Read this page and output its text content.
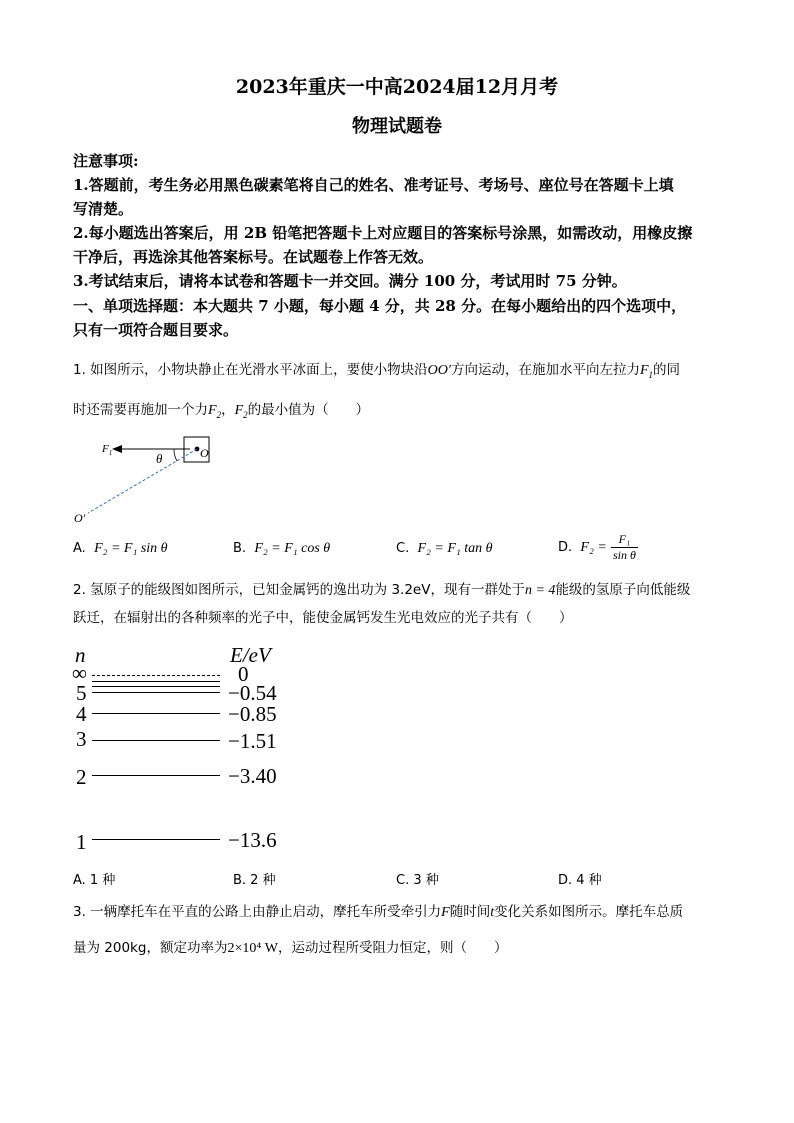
2023年重庆一中高2024届12月月考
物理试题卷
注意事项:
1.答题前，考生务必用黑色碳素笔将自己的姓名、准考证号、考场号、座位号在答题卡上填
写清楚。
2.每小题选出答案后，用 2B 铅笔把答题卡上对应题目的答案标号涂黑，如需改动，用橡皮擦
干净后，再选涂其他答案标号。在试题卷上作答无效。
3.考试结束后，请将本试卷和答题卡一并交回。满分 100 分，考试用时 75 分钟。
一、单项选择题：本大题共 7 小题，每小题 4 分，共 28 分。在每小题给出的四个选项中，
只有一项符合题目要求。
1. 如图所示，小物块静止在光滑水平冰面上，要使小物块沿OO′方向运动，在施加水平向左拉力$F_1$的同
时还需要再施加一个力$F_2$，$F_2$的最小值为（　　）
$F_1$	θ	O
O′
A. F₂ = F₁ sin θ	B. F₂ = F₁ cos θ	C. F₂ = F₁ tan θ	D. $F_2 = \frac{\text{F₁}}{\text{sin θ}}$
2. 氢原子的能级图如图所示，已知金属钙的逸出功为 3.2eV，现有一群处于n = 4能级的氢原子向低能级
跃迁，在辐射出的各种频率的光子中，能使金属钙发生光电效应的光子共有（　　）
n	E/eV
∞	0
5	−0.54
4	−0.85
3	−1.51
2	−3.40
1	−13.6
A. 1 种	B. 2 种	C. 3 种	D. 4 种
3. 一辆摩托车在平直的公路上由静止启动，摩托车所受牵引力F随时间t变化关系如图所示。摩托车总质
量为 200kg，额定功率为2×10⁴ W，运动过程所受阻力恒定，则（　　）
